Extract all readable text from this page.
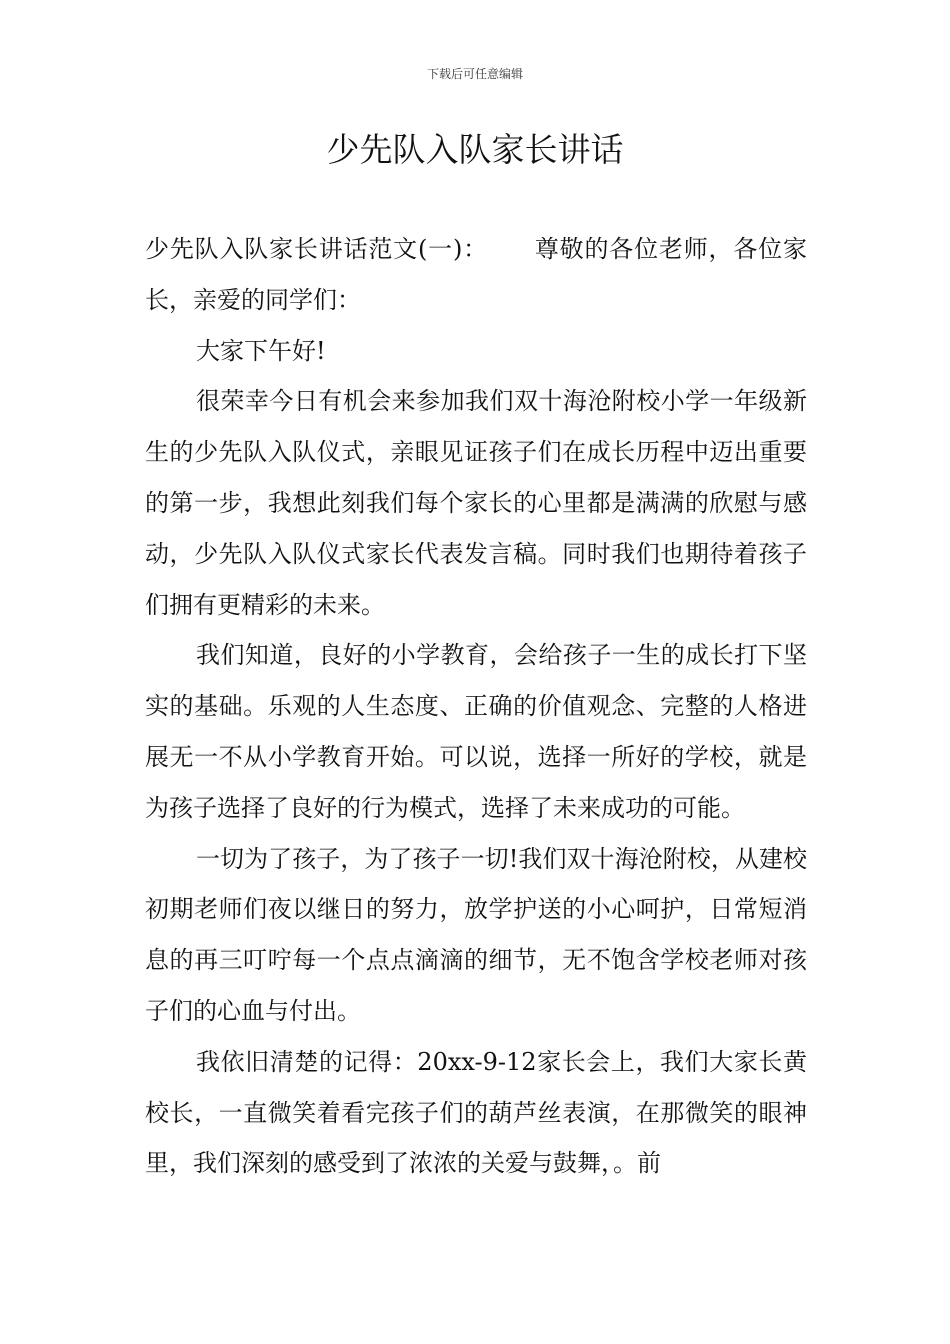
下载后可任意编辑
少先队入队家长讲话

少先队入队家长讲话范文(一)： 尊敬的各位老师，各位家长，亲爱的同学们：

大家下午好!

很荣幸今日有机会来参加我们双十海沧附校小学一年级新生的少先队入队仪式，亲眼见证孩子们在成长历程中迈出重要的第一步，我想此刻我们每个家长的心里都是满满的欣慰与感动，少先队入队仪式家长代表发言稿。同时我们也期待着孩子们拥有更精彩的未来。

我们知道，良好的小学教育，会给孩子一生的成长打下坚实的基础。乐观的人生态度、正确的价值观念、完整的人格进展无一不从小学教育开始。可以说，选择一所好的学校，就是为孩子选择了良好的行为模式，选择了未来成功的可能。

一切为了孩子，为了孩子一切!我们双十海沧附校，从建校初期老师们夜以继日的努力，放学护送的小心呵护，日常短消息的再三叮咛每一个点点滴滴的细节，无不饱含学校老师对孩子们的心血与付出。

我依旧清楚的记得：20xx-9-12家长会上，我们大家长黄校长，一直微笑着看完孩子们的葫芦丝表演，在那微笑的眼神里，我们深刻的感受到了浓浓的关爱与鼓舞，。前
